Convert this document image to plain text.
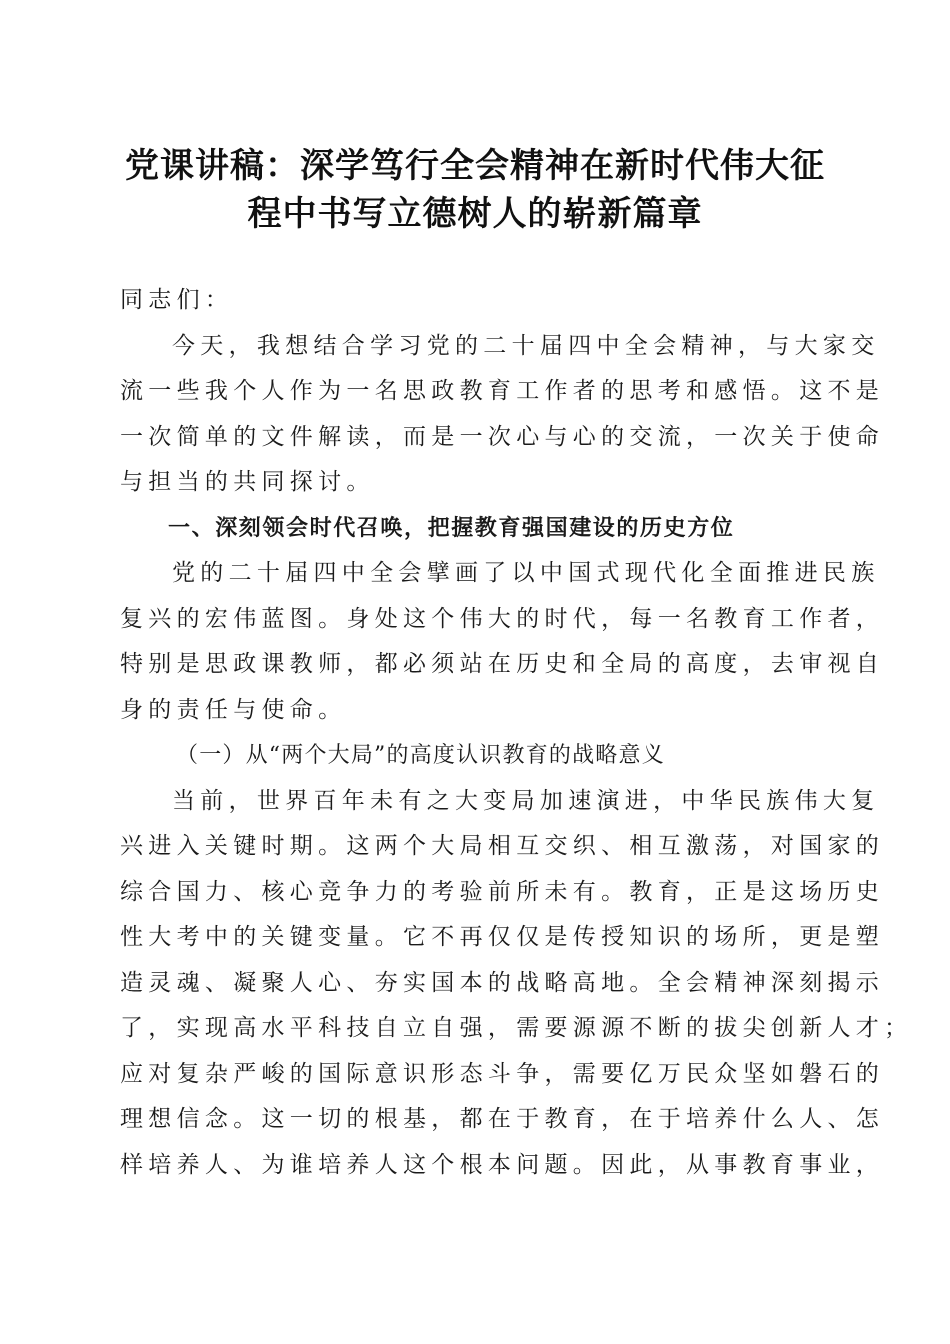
党课讲稿：深学笃行全会精神在新时代伟大征
程中书写立德树人的崭新篇章
同志们：
今天，我想结合学习党的二十届四中全会精神，与大家交
流一些我个人作为一名思政教育工作者的思考和感悟。这不是
一次简单的文件解读，而是一次心与心的交流，一次关于使命
与担当的共同探讨。
一、深刻领会时代召唤，把握教育强国建设的历史方位
党的二十届四中全会擘画了以中国式现代化全面推进民族
复兴的宏伟蓝图。身处这个伟大的时代，每一名教育工作者，
特别是思政课教师，都必须站在历史和全局的高度，去审视自
身的责任与使命。
（一）从“两个大局”的高度认识教育的战略意义
当前，世界百年未有之大变局加速演进，中华民族伟大复
兴进入关键时期。这两个大局相互交织、相互激荡，对国家的
综合国力、核心竞争力的考验前所未有。教育，正是这场历史
性大考中的关键变量。它不再仅仅是传授知识的场所，更是塑
造灵魂、凝聚人心、夯实国本的战略高地。全会精神深刻揭示
了，实现高水平科技自立自强，需要源源不断的拔尖创新人才；
应对复杂严峻的国际意识形态斗争，需要亿万民众坚如磐石的
理想信念。这一切的根基，都在于教育，在于培养什么人、怎
样培养人、为谁培养人这个根本问题。因此，从事教育事业，
